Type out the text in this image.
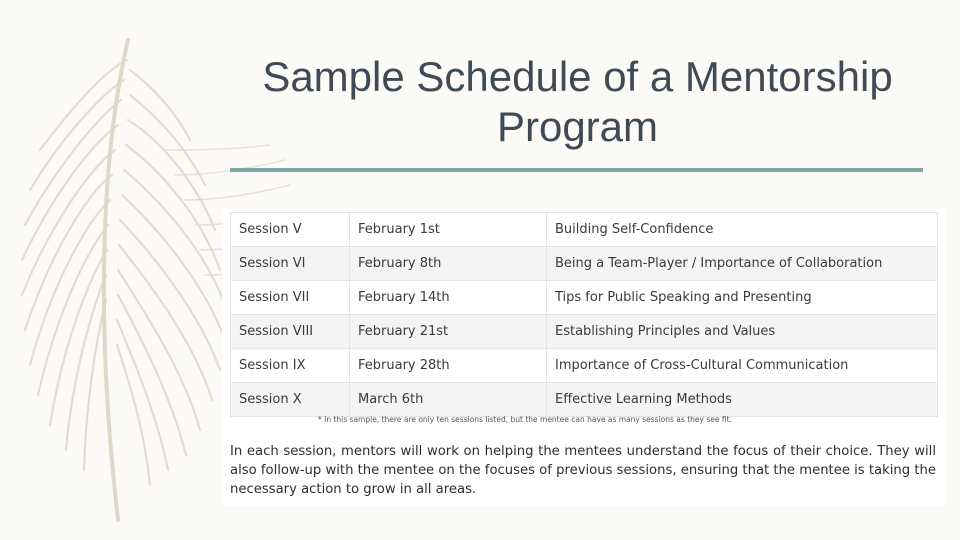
Sample Schedule of a Mentorship Program
Session V	February 1st	Building Self-Confidence
Session VI	February 8th	Being a Team-Player / Importance of Collaboration
Session VII	February 14th	Tips for Public Speaking and Presenting
Session VIII	February 21st	Establishing Principles and Values
Session IX	February 28th	Importance of Cross-Cultural Communication
Session X	March 6th	Effective Learning Methods
* In this sample, there are only ten sessions listed, but the mentee can have as many sessions as they see fit.

In each session, mentors will work on helping the mentees understand the focus of their choice. They will also follow-up with the mentee on the focuses of previous sessions, ensuring that the mentee is taking the necessary action to grow in all areas.
